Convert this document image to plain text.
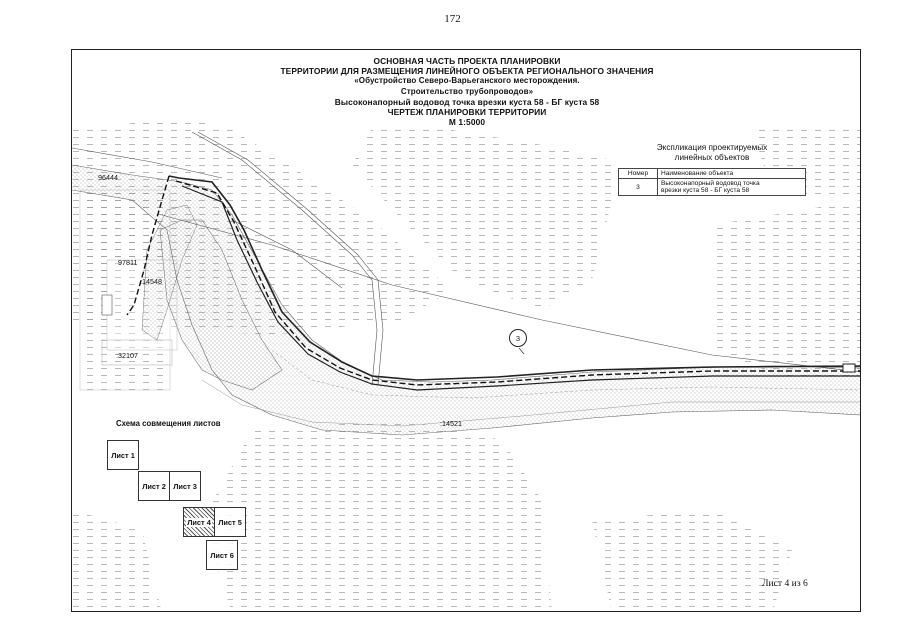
172
ОСНОВНАЯ ЧАСТЬ ПРОЕКТА ПЛАНИРОВКИ
ТЕРРИТОРИИ ДЛЯ РАЗМЕЩЕНИЯ ЛИНЕЙНОГО ОБЪЕКТА РЕГИОНАЛЬНОГО ЗНАЧЕНИЯ
«Обустройство Северо-Варьеганского месторождения.
Строительство трубопроводов»
Высоконапорный водовод точка врезки куста 58 - БГ куста 58
ЧЕРТЕЖ ПЛАНИРОВКИ ТЕРРИТОРИИ
М 1:5000
Экспликация проектируемых
линейных объектов
Номер	Наименование объекта
3	Высоконапорный водовод точка
врезки куста 58 - БГ куста 58
96444
97811
:14548
:32107
:14521
3
Схема совмещения листов
Лист 1
Лист 2 Лист 3
Лист 4 Лист 5
Лист 6
Лист 4 из 6
